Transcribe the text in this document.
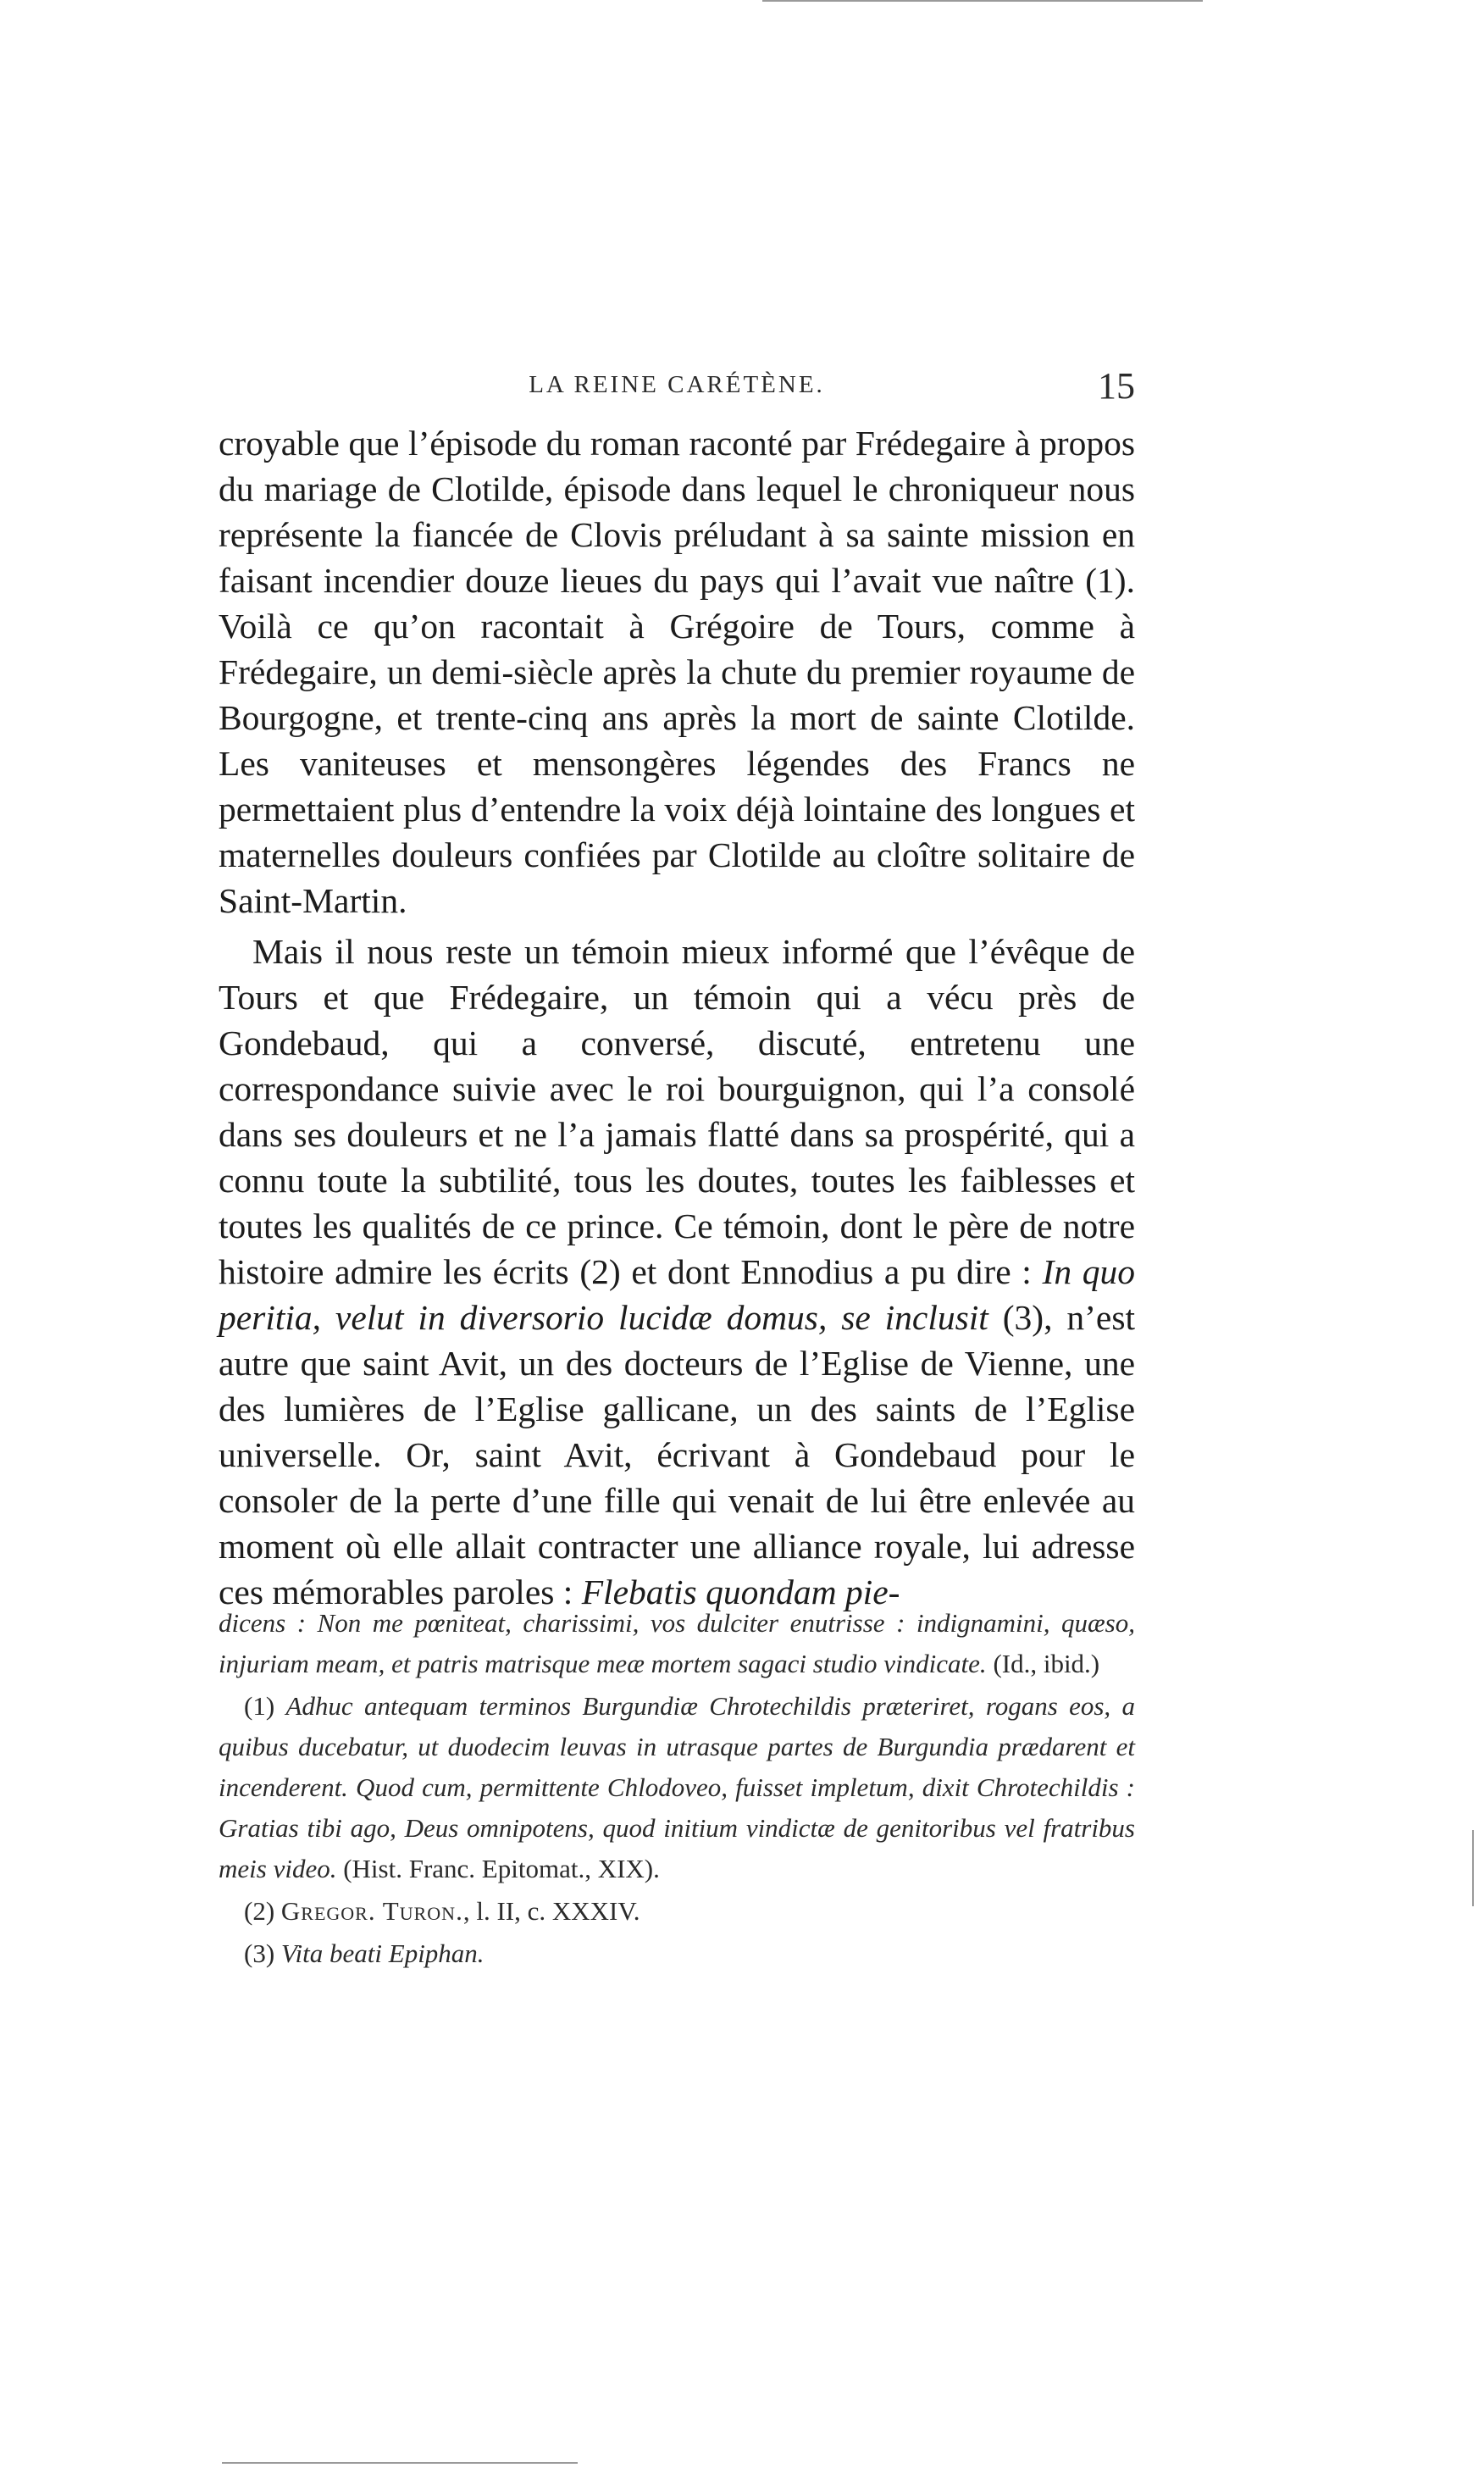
LA REINE CARÉTÈNE.	15

croyable que l’épisode du roman raconté par Frédegaire à propos du mariage de Clotilde, épisode dans lequel le chroniqueur nous représente la fiancée de Clovis préludant à sa sainte mission en faisant incendier douze lieues du pays qui l’avait vue naître (1). Voilà ce qu’on racontait à Grégoire de Tours, comme à Frédegaire, un demi-siècle après la chute du premier royaume de Bourgogne, et trente-cinq ans après la mort de sainte Clotilde. Les vaniteuses et mensongères légendes des Francs ne permettaient plus d’entendre la voix déjà lointaine des longues et maternelles douleurs confiées par Clotilde au cloître solitaire de Saint-Martin.

Mais il nous reste un témoin mieux informé que l’évêque de Tours et que Frédegaire, un témoin qui a vécu près de Gondebaud, qui a conversé, discuté, entretenu une correspondance suivie avec le roi bourguignon, qui l’a consolé dans ses douleurs et ne l’a jamais flatté dans sa prospérité, qui a connu toute la subtilité, tous les doutes, toutes les faiblesses et toutes les qualités de ce prince. Ce témoin, dont le père de notre histoire admire les écrits (2) et dont Ennodius a pu dire : In quo peritia, velut in diversorio lucidæ domus, se inclusit (3), n’est autre que saint Avit, un des docteurs de l’Eglise de Vienne, une des lumières de l’Eglise gallicane, un des saints de l’Eglise universelle. Or, saint Avit, écrivant à Gondebaud pour le consoler de la perte d’une fille qui venait de lui être enlevée au moment où elle allait contracter une alliance royale, lui adresse ces mémorables paroles : Flebatis quondam pie-

dicens : Non me pœniteat, charissimi, vos dulciter enutrisse : indignamini, quæso, injuriam meam, et patris matrisque meæ mortem sagaci studio vindicate. (Id., ibid.)

(1) Adhuc antequam terminos Burgundiæ Chrotechildis præteriret, rogans eos, a quibus ducebatur, ut duodecim leuvas in utrasque partes de Burgundia prædarent et incenderent. Quod cum, permittente Chlodoveo, fuisset impletum, dixit Chrotechildis : Gratias tibi ago, Deus omnipotens, quod initium vindictæ de genitoribus vel fratribus meis video. (Hist. Franc. Epitomat., XIX).

(2) Gregor. Turon., l. II, c. XXXIV.

(3) Vita beati Epiphan.
